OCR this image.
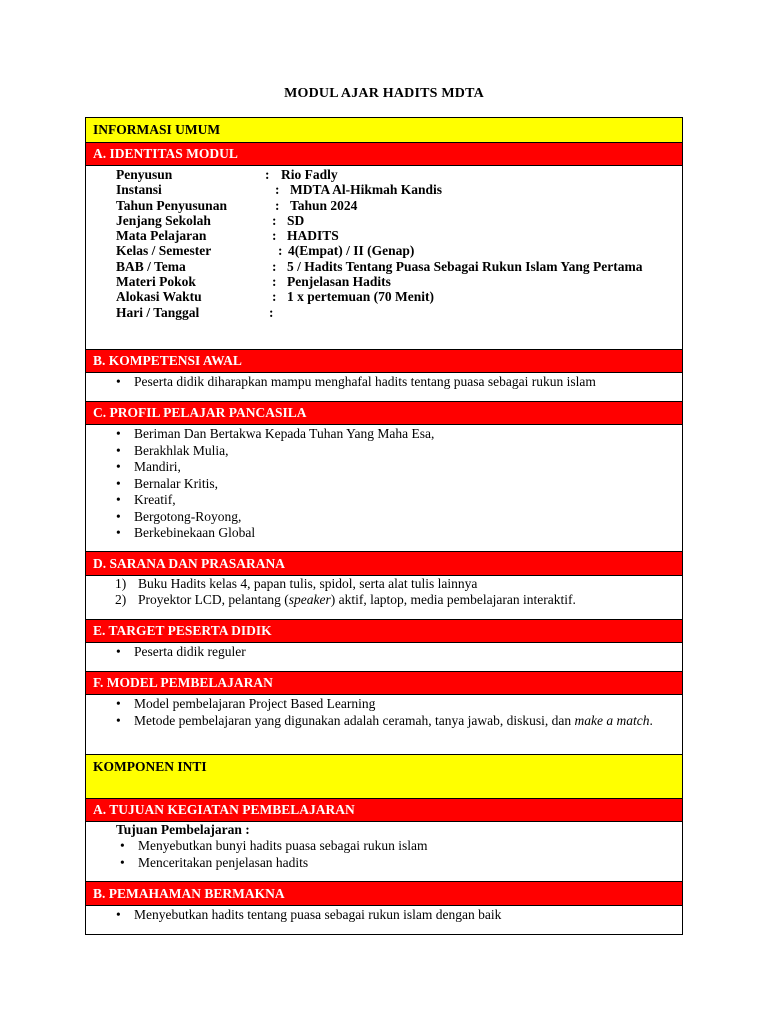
MODUL AJAR HADITS MDTA
INFORMASI UMUM
A. IDENTITAS MODUL
Penyusun	: Rio Fadly
Instansi	: MDTA Al-Hikmah Kandis
Tahun Penyusunan	: Tahun 2024
Jenjang Sekolah	: SD
Mata Pelajaran	: HADITS
Kelas / Semester	: 4(Empat) / II (Genap)
BAB / Tema	: 5 / Hadits Tentang Puasa Sebagai Rukun Islam Yang Pertama
Materi Pokok	: Penjelasan Hadits
Alokasi Waktu	: 1 x pertemuan (70 Menit)
Hari / Tanggal	:
B. KOMPETENSI AWAL
• Peserta didik diharapkan mampu menghafal hadits tentang puasa sebagai rukun islam
C. PROFIL PELAJAR PANCASILA
• Beriman Dan Bertakwa Kepada Tuhan Yang Maha Esa,
• Berakhlak Mulia,
• Mandiri,
• Bernalar Kritis,
• Kreatif,
• Bergotong-Royong,
• Berkebinekaan Global
D. SARANA DAN PRASARANA
1) Buku Hadits kelas 4, papan tulis, spidol, serta alat tulis lainnya
2) Proyektor LCD, pelantang (speaker) aktif, laptop, media pembelajaran interaktif.
E. TARGET PESERTA DIDIK
• Peserta didik reguler
F. MODEL PEMBELAJARAN
• Model pembelajaran Project Based Learning
• Metode pembelajaran yang digunakan adalah ceramah, tanya jawab, diskusi, dan make a match.
KOMPONEN INTI
A. TUJUAN KEGIATAN PEMBELAJARAN
Tujuan Pembelajaran :
• Menyebutkan bunyi hadits puasa sebagai rukun islam
• Menceritakan penjelasan hadits
B. PEMAHAMAN BERMAKNA
• Menyebutkan hadits tentang puasa sebagai rukun islam dengan baik
